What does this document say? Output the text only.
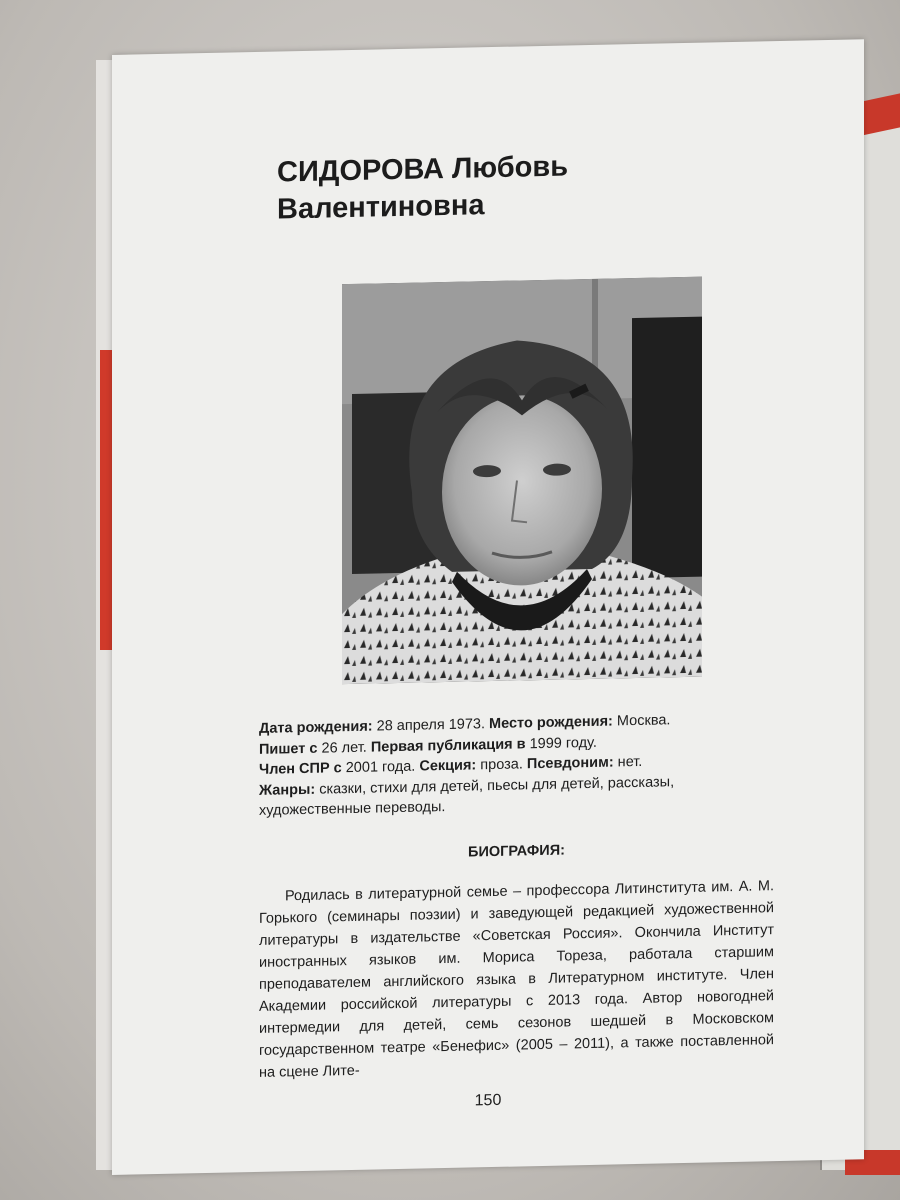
СИДОРОВА Любовь
Валентиновна

Дата рождения: 28 апреля 1973. Место рождения: Москва.

Пишет с 26 лет. Первая публикация в 1999 году.

Член СПР с 2001 года. Секция: проза. Псевдоним: нет.

Жанры: сказки, стихи для детей, пьесы для детей, рассказы, художественные переводы.

БИОГРАФИЯ:

Родилась в литературной семье – профессора Литинститута им. А. М. Горького (семинары поэзии) и заведующей редакцией художественной литературы в издательстве «Советская Россия». Окончила Институт иностранных языков им. Мориса Тореза, работала старшим преподавателем английского языка в Литературном институте. Член Академии российской литературы с 2013 года. Автор новогодней интермедии для детей, семь сезонов шедшей в Московском государственном театре «Бенефис» (2005 – 2011), а также поставленной на сцене Лите-

150
